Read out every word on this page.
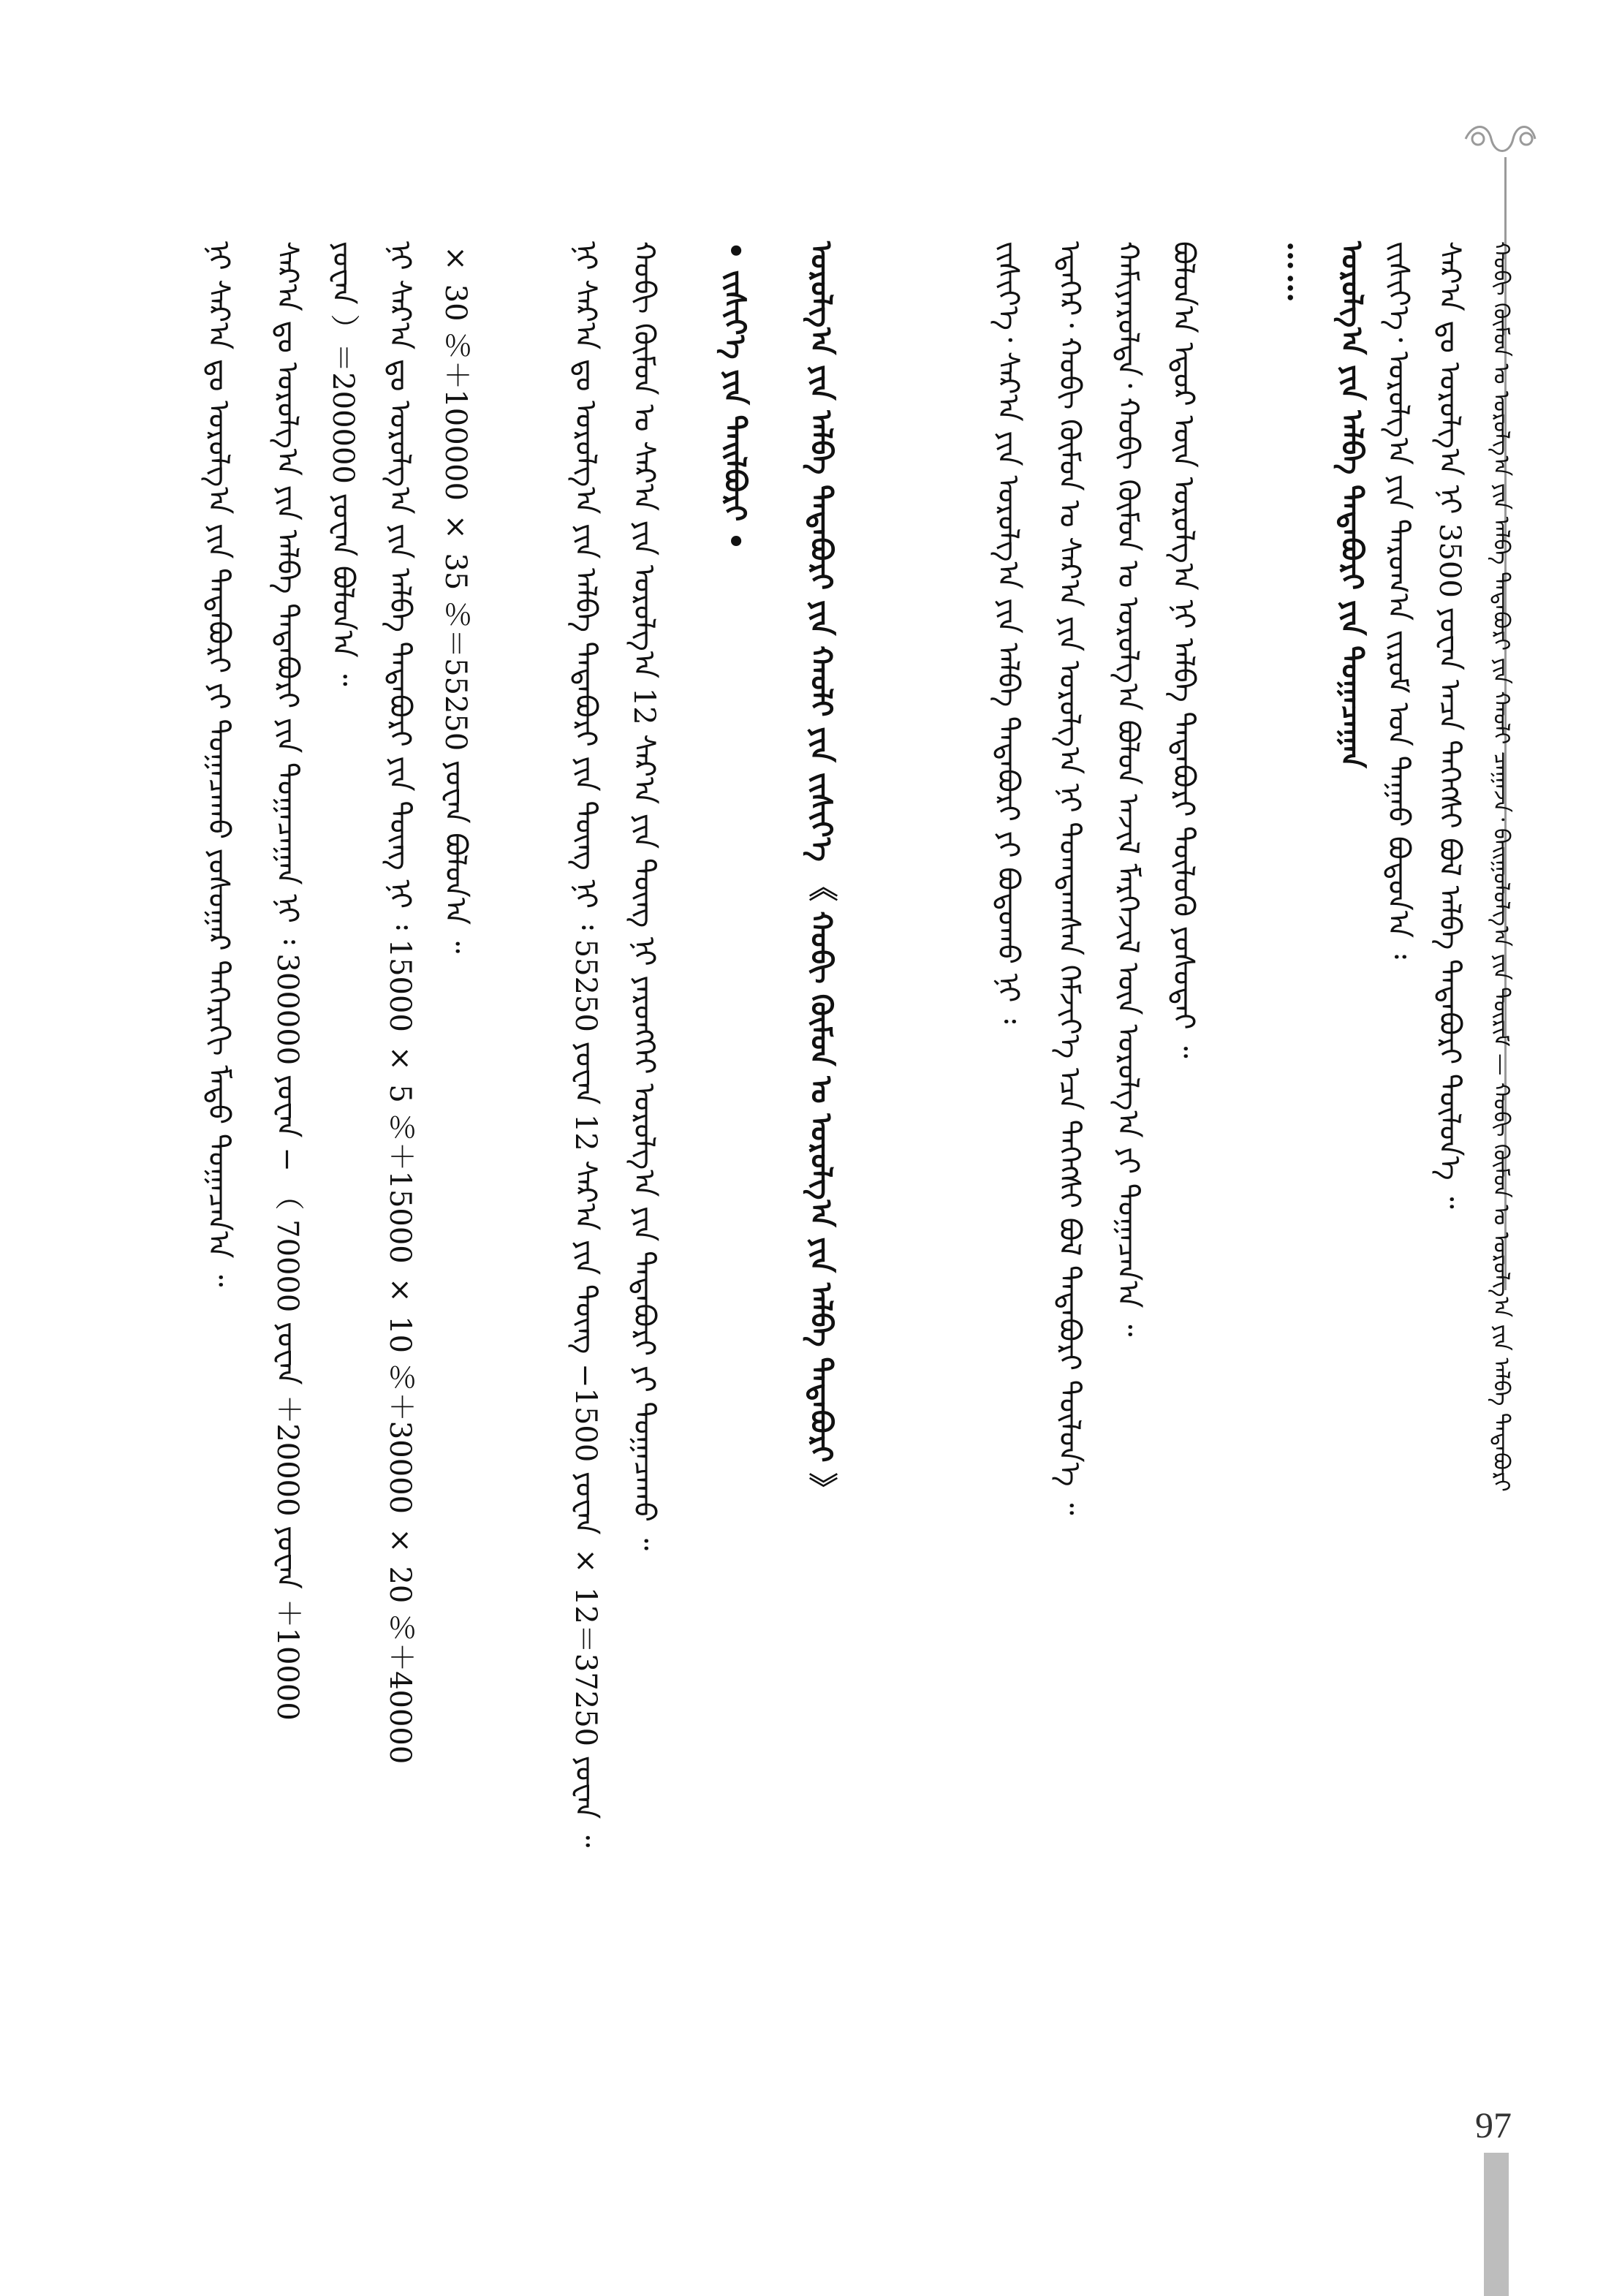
ᠬᠤᠪᠢ ᠬᠦᠮᠦᠨ ᠤ ᠣᠷᠤᠯᠭ᠎ᠠ ᠶᠢᠨ ᠠᠯᠪᠠ ᠲᠠᠲᠠᠪᠤᠷᠢ ᠶᠢᠨ ᠬᠠᠤᠯᠢ ᠴᠠᠭᠠᠵᠠ᠂ ᠪᠠᠢᠭᠤᠯᠤᠯᠭ᠎ᠠ ᠶᠢᠨ ᠳᠦᠷᠢᠮ — ᠬᠤᠪᠢ ᠬᠦᠮᠦᠨ ᠤ ᠣᠷᠤᠯᠭ᠎ᠠ ᠶᠢᠨ ᠠᠯᠪᠠ ᠲᠠᠲᠠᠪᠤᠷᠢ
ᠰᠠᠷ᠎ᠠ ᠳᠤ ᠣᠷᠤᠯᠭ᠎ᠠ ᠨᠢ 3500 ᠶᠤᠸᠠᠨ ᠠᠴᠠ ᠳᠡᠭᠡᠭᠰᠢ ᠪᠣᠯ ᠠᠯᠪᠠ ᠲᠠᠲᠠᠪᠤᠷᠢ ᠲᠥᠯᠥᠨ᠎ᠡ ᠃
ᠵᠢᠱᠢᠶ᠎ᠡ᠂ ᠣᠷᠤᠯᠭ᠎ᠠ ᠶᠢᠨ ᠳᠠᠷᠤᠭ᠎ᠠ ᠵᠢᠷᠤᠮ ᠤᠨ ᠳᠠᠭᠠᠤ ᠪᠣᠳᠣᠨ᠎ᠠ ᠄
ᠣᠷᠤᠯᠭ᠎ᠠ ᠶᠢᠨ ᠠᠯᠪᠠ ᠲᠠᠲᠠᠪᠤᠷᠢ ᠶᠢᠨ ᠲᠣᠭᠠᠴᠠᠭᠠᠨ
……
ᠪᠣᠯᠤᠨ᠎ᠠ ᠡᠳᠦᠷ ᠦᠨ ᠣᠷᠤᠯᠭ᠎ᠠ ᠨᠢ ᠠᠯᠪᠠ ᠲᠠᠲᠠᠪᠤᠷᠢ ᠲᠥᠯᠥᠬᠦ ᠶᠣᠰᠤᠲᠠᠢ ᠃
ᠬᠠᠮᠢᠶᠠᠷᠤᠯᠲᠠ᠂ ᠬᠤᠪᠢ ᠬᠦᠮᠦᠨ ᠤ ᠣᠷᠤᠯᠭ᠎ᠠ ᠪᠤᠯᠤᠨ ᠠᠵᠢᠯ ᠮᠡᠷᠭᠡᠵᠢᠯ ᠦᠨ ᠣᠷᠤᠯᠭ᠎ᠠ ᠶᠢ ᠲᠣᠭᠠᠴᠠᠨ᠎ᠠ ᠃
ᠡᠳᠡᠭᠡᠷ᠂ ᠬᠤᠪᠢ ᠬᠦᠮᠦᠨ ᠤ ᠰᠠᠷ᠎ᠠ ᠶᠢᠨ ᠣᠷᠤᠯᠭ᠎ᠠ ᠨᠢ ᠲᠣᠭᠲᠠᠭᠰᠠᠨ ᠬᠡᠮᠵᠢᠶ᠎ᠡ ᠡᠴᠡ ᠳᠡᠭᠡᠭᠰᠢ ᠪᠣᠯ ᠲᠠᠲᠠᠪᠤᠷᠢ ᠲᠥᠯᠥᠨ᠎ᠡ ᠃
ᠵᠢᠱᠢᠶ᠎ᠡ᠂ ᠰᠠᠷ᠎ᠠ ᠶᠢᠨ ᠣᠷᠤᠯᠭ᠎ᠠ ᠶᠢᠨ ᠠᠯᠪᠠ ᠲᠠᠲᠠᠪᠤᠷᠢ ᠶᠢ ᠪᠣᠳᠣᠬᠤ ᠨᠢ ᠄
ᠣᠷᠤᠯᠭ᠎ᠠ ᠶᠢᠨ ᠠᠯᠪᠠ ᠲᠠᠲᠠᠪᠤᠷᠢ ᠶᠢᠨ ᠬᠠᠤᠯᠢ ᠶᠢᠨ ᠵᠢᠱᠢᠶ᠎ᠡ 《 ᠬᠤᠪᠢ ᠬᠦᠮᠦᠨ ᠤ ᠣᠷᠤᠯᠭ᠎ᠠ ᠶᠢᠨ ᠠᠯᠪᠠ ᠲᠠᠲᠠᠪᠤᠷᠢ 》
• ᠵᠢᠱᠢᠶ᠎ᠡ ᠶᠢᠨ ᠲᠠᠢᠯᠪᠤᠷᠢ •
ᠬᠤᠪᠢ ᠬᠦᠮᠦᠨ ᠤ ᠰᠠᠷ᠎ᠠ ᠶᠢᠨ ᠣᠷᠤᠯᠭ᠎ᠠ 12 ᠰᠠᠷ᠎ᠠ ᠶᠢᠨ ᠳᠦᠩ ᠨᠢ ᠶᠡᠷᠦᠩᠬᠡᠢ ᠣᠷᠤᠯᠭ᠎ᠠ ᠶᠢᠨ ᠲᠠᠲᠠᠪᠤᠷᠢ ᠶᠢ ᠲᠣᠭᠠᠴᠠᠬᠤ ᠃
ᠨᠢ ᠰᠠᠷ᠎ᠠ ᠳᠤ ᠣᠷᠤᠯᠭ᠎ᠠ ᠶᠢᠨ ᠠᠯᠪᠠ ᠲᠠᠲᠠᠪᠤᠷᠢ ᠶᠢᠨ ᠳᠦᠩ ᠨᠢ ᠄ 55250 ᠶᠤᠸᠠᠨ 12 ᠰᠠᠷ᠎ᠠ ᠶᠢᠨ ᠳᠦᠩ −1500 ᠶᠤᠸᠠᠨ × 12＝37250 ᠶᠤᠸᠠᠨ ᠃
× 30 ％＋100000 × 35 ％＝55250 ᠶᠤᠸᠠᠨ ᠪᠣᠯᠤᠨ᠎ᠠ ᠃
ᠨᠢ ᠰᠠᠷ᠎ᠠ ᠳᠤ ᠣᠷᠤᠯᠭ᠎ᠠ ᠶᠢᠨ ᠠᠯᠪᠠ ᠲᠠᠲᠠᠪᠤᠷᠢ ᠶᠢᠨ ᠳᠦᠩ ᠨᠢ ᠄ 15000 × 5 ％＋15000 × 10 ％＋30000 × 20 ％＋40000
ᠶᠤᠸᠠᠨ ）＝200000 ᠶᠤᠸᠠᠨ ᠪᠣᠯᠤᠨ᠎ᠠ ᠃
ᠰᠠᠷ᠎ᠠ ᠳᠤ ᠣᠷᠤᠯᠭ᠎ᠠ ᠶᠢᠨ ᠠᠯᠪᠠ ᠲᠠᠲᠠᠪᠤᠷᠢ ᠶᠢᠨ ᠲᠣᠭᠠᠴᠠᠭᠠᠨ ᠨᠢ ᠄ 300000 ᠶᠤᠸᠠᠨ − （ 70000 ᠶᠤᠸᠠᠨ ＋20000 ᠶᠤᠸᠠᠨ ＋10000
ᠨᠢ ᠰᠠᠷ᠎ᠠ ᠳᠤ ᠣᠷᠤᠯᠭ᠎ᠠ ᠶᠢᠨ ᠲᠠᠲᠠᠪᠤᠷᠢ ᠶᠢ ᠲᠣᠭᠠᠴᠠᠬᠤ ᠶᠣᠰᠤᠭᠠᠷ ᠳᠡᠭᠡᠷᠡᠬᠢ ᠮᠡᠲᠦ ᠲᠣᠭᠠᠴᠠᠨ᠎ᠠ ᠃
97
